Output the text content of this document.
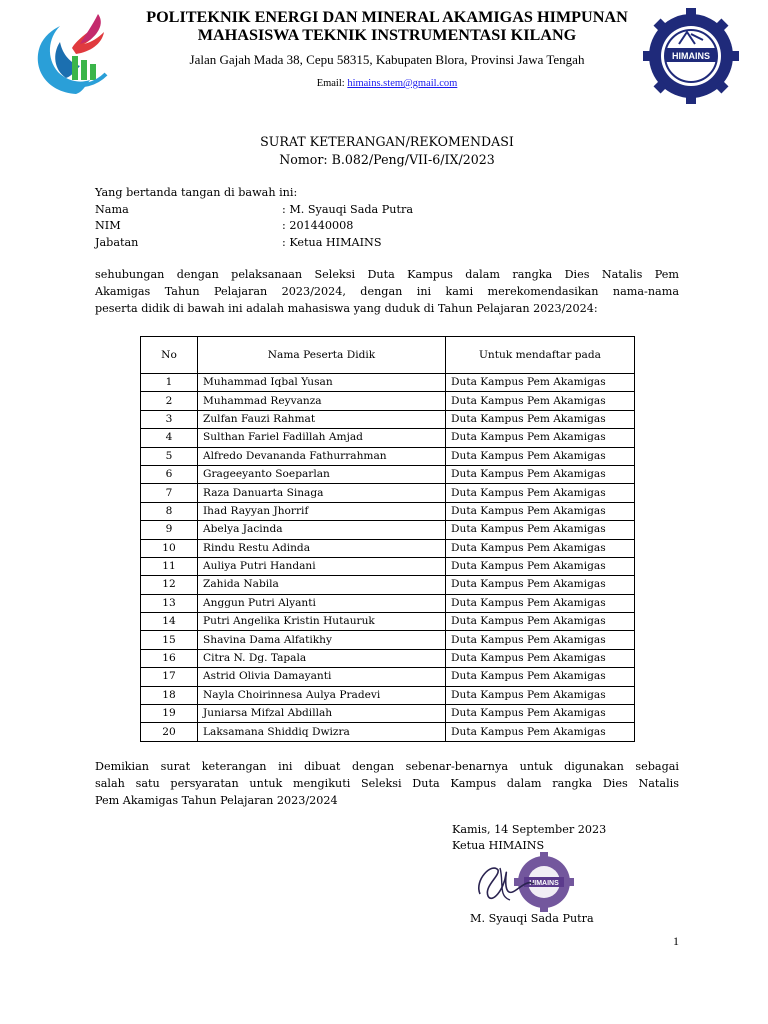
POLITEKNIK ENERGI DAN MINERAL AKAMIGAS HIMPUNAN
MAHASISWA TEKNIK INSTRUMENTASI KILANG
Jalan Gajah Mada 38, Cepu 58315, Kabupaten Blora, Provinsi Jawa Tengah
Email: himains.stem@gmail.com
HIMAINS
SURAT KETERANGAN/REKOMENDASI
Nomor: B.082/Peng/VII-6/IX/2023
Yang bertanda tangan di bawah ini:
Nama	: M. Syauqi Sada Putra
NIM	: 201440008
Jabatan	: Ketua HIMAINS
sehubungan dengan pelaksanaan Seleksi Duta Kampus dalam rangka Dies Natalis Pem
Akamigas Tahun Pelajaran 2023/2024, dengan ini kami merekomendasikan nama-nama
peserta didik di bawah ini adalah mahasiswa yang duduk di Tahun Pelajaran 2023/2024:
No	Nama Peserta Didik	Untuk mendaftar pada
1	Muhammad Iqbal Yusan	Duta Kampus Pem Akamigas
2	Muhammad Reyvanza	Duta Kampus Pem Akamigas
3	Zulfan Fauzi Rahmat	Duta Kampus Pem Akamigas
4	Sulthan Fariel Fadillah Amjad	Duta Kampus Pem Akamigas
5	Alfredo Devananda Fathurrahman	Duta Kampus Pem Akamigas
6	Grageeyanto Soeparlan	Duta Kampus Pem Akamigas
7	Raza Danuarta Sinaga	Duta Kampus Pem Akamigas
8	Ihad Rayyan Jhorrif	Duta Kampus Pem Akamigas
9	Abelya Jacinda	Duta Kampus Pem Akamigas
10	Rindu Restu Adinda	Duta Kampus Pem Akamigas
11	Auliya Putri Handani	Duta Kampus Pem Akamigas
12	Zahida Nabila	Duta Kampus Pem Akamigas
13	Anggun Putri Alyanti	Duta Kampus Pem Akamigas
14	Putri Angelika Kristin Hutauruk	Duta Kampus Pem Akamigas
15	Shavina Dama Alfatikhy	Duta Kampus Pem Akamigas
16	Citra N. Dg. Tapala	Duta Kampus Pem Akamigas
17	Astrid Olivia Damayanti	Duta Kampus Pem Akamigas
18	Nayla Choirinnesa Aulya Pradevi	Duta Kampus Pem Akamigas
19	Juniarsa Mifzal Abdillah	Duta Kampus Pem Akamigas
20	Laksamana Shiddiq Dwizra	Duta Kampus Pem Akamigas
Demikian surat keterangan ini dibuat dengan sebenar-benarnya untuk digunakan sebagai
salah satu persyaratan untuk mengikuti Seleksi Duta Kampus dalam rangka Dies Natalis
Pem Akamigas Tahun Pelajaran 2023/2024
Kamis, 14 September 2023
Ketua HIMAINS
HIMAINS
M. Syauqi Sada Putra
1
